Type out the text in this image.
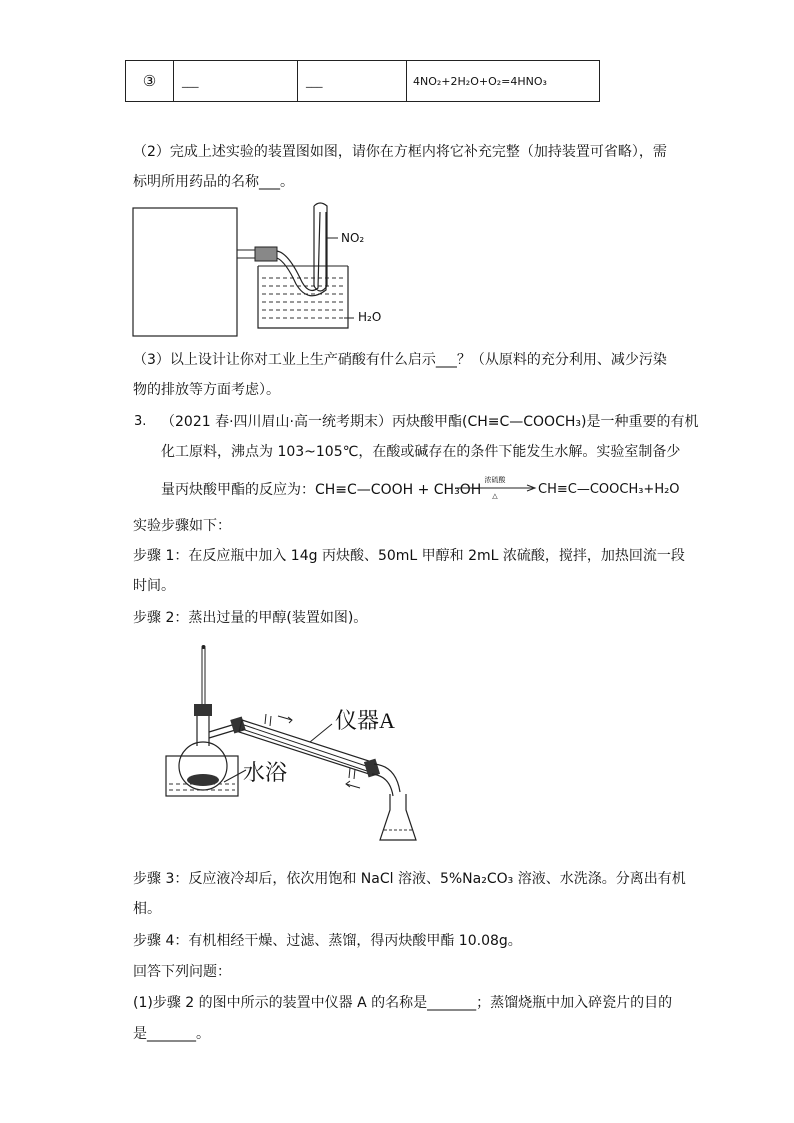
③	___	___	4NO₂+2H₂O+O₂=4HNO₃
（2）完成上述实验的装置图如图，请你在方框内将它补充完整（加持装置可省略），需
标明所用药品的名称___。
NO₂
H₂O
（3）以上设计让你对工业上生产硝酸有什么启示___？（从原料的充分利用、减少污染
物的排放等方面考虑）。
3. （2021 春·四川眉山·高一统考期末）丙炔酸甲酯(CH≡C—COOCH₃)是一种重要的有机
化工原料，沸点为 103~105℃，在酸或碱存在的条件下能发生水解。实验室制备少
量丙炔酸甲酯的反应为：CH≡C—COOH + CH₃OH
浓硫酸
△	CH≡C—COOCH₃+H₂O
实验步骤如下：
步骤 1：在反应瓶中加入 14g 丙炔酸、50mL 甲醇和 2mL 浓硫酸，搅拌，加热回流一段
时间。
步骤 2：蒸出过量的甲醇(装置如图)。
仪器A
水浴
步骤 3：反应液冷却后，依次用饱和 NaCl 溶液、5%Na₂CO₃ 溶液、水洗涤。分离出有机
相。
步骤 4：有机相经干燥、过滤、蒸馏，得丙炔酸甲酯 10.08g。
回答下列问题：
(1)步骤 2 的图中所示的装置中仪器 A 的名称是_______；蒸馏烧瓶中加入碎瓷片的目的
是_______。
